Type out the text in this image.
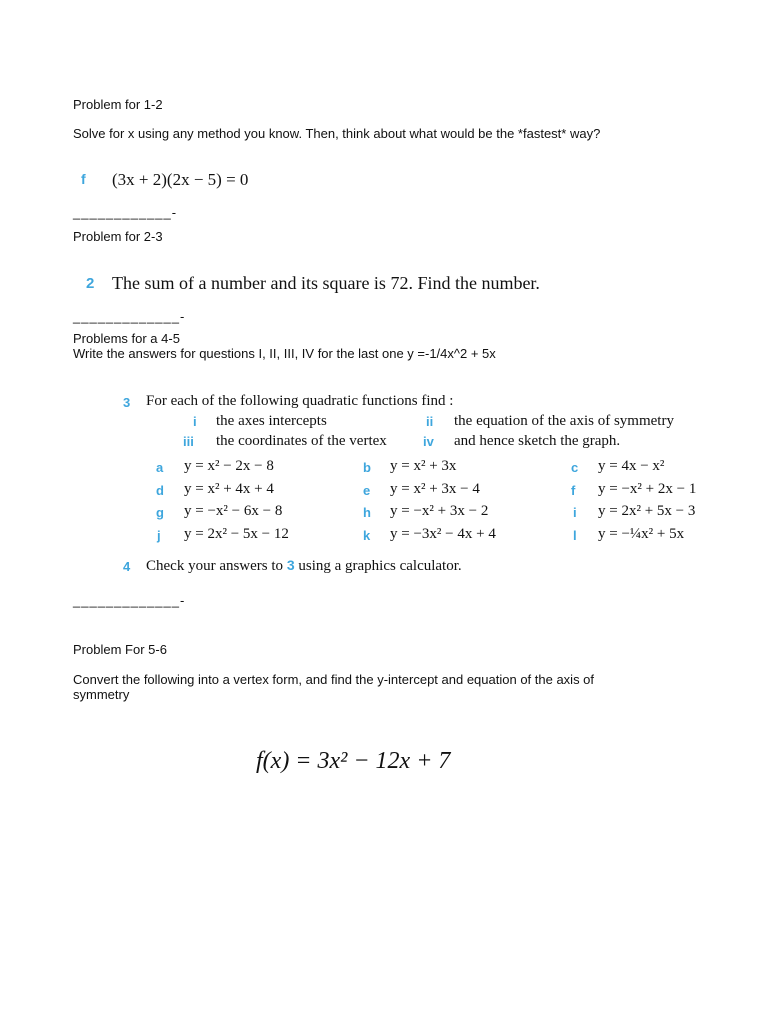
Problem for 1-2
Solve for x using any method you know. Then, think about what would be the *fastest* way?
f (3x + 2)(2x − 5) = 0
____________-
Problem for 2-3
2 The sum of a number and its square is 72. Find the number.
_____________-
Problems for a 4-5
Write the answers for questions I, II, III, IV for the last one y =-1/4x^2 + 5x
3 For each of the following quadratic functions find :
i the axes intercepts	ii the equation of the axis of symmetry
iii the coordinates of the vertex	iv and hence sketch the graph.
a y = x² − 2x − 8	b y = x² + 3x	c y = 4x − x²
d y = x² + 4x + 4	e y = x² + 3x − 4	f y = −x² + 2x − 1
g y = −x² − 6x − 8	h y = −x² + 3x − 2	i y = 2x² + 5x − 3
j y = 2x² − 5x − 12	k y = −3x² − 4x + 4	l y = −¼x² + 5x
4 Check your answers to 3 using a graphics calculator.
_____________-
Problem For 5-6
Convert the following into a vertex form, and find the y-intercept and equation of the axis of
symmetry
f(x) = 3x² − 12x + 7
